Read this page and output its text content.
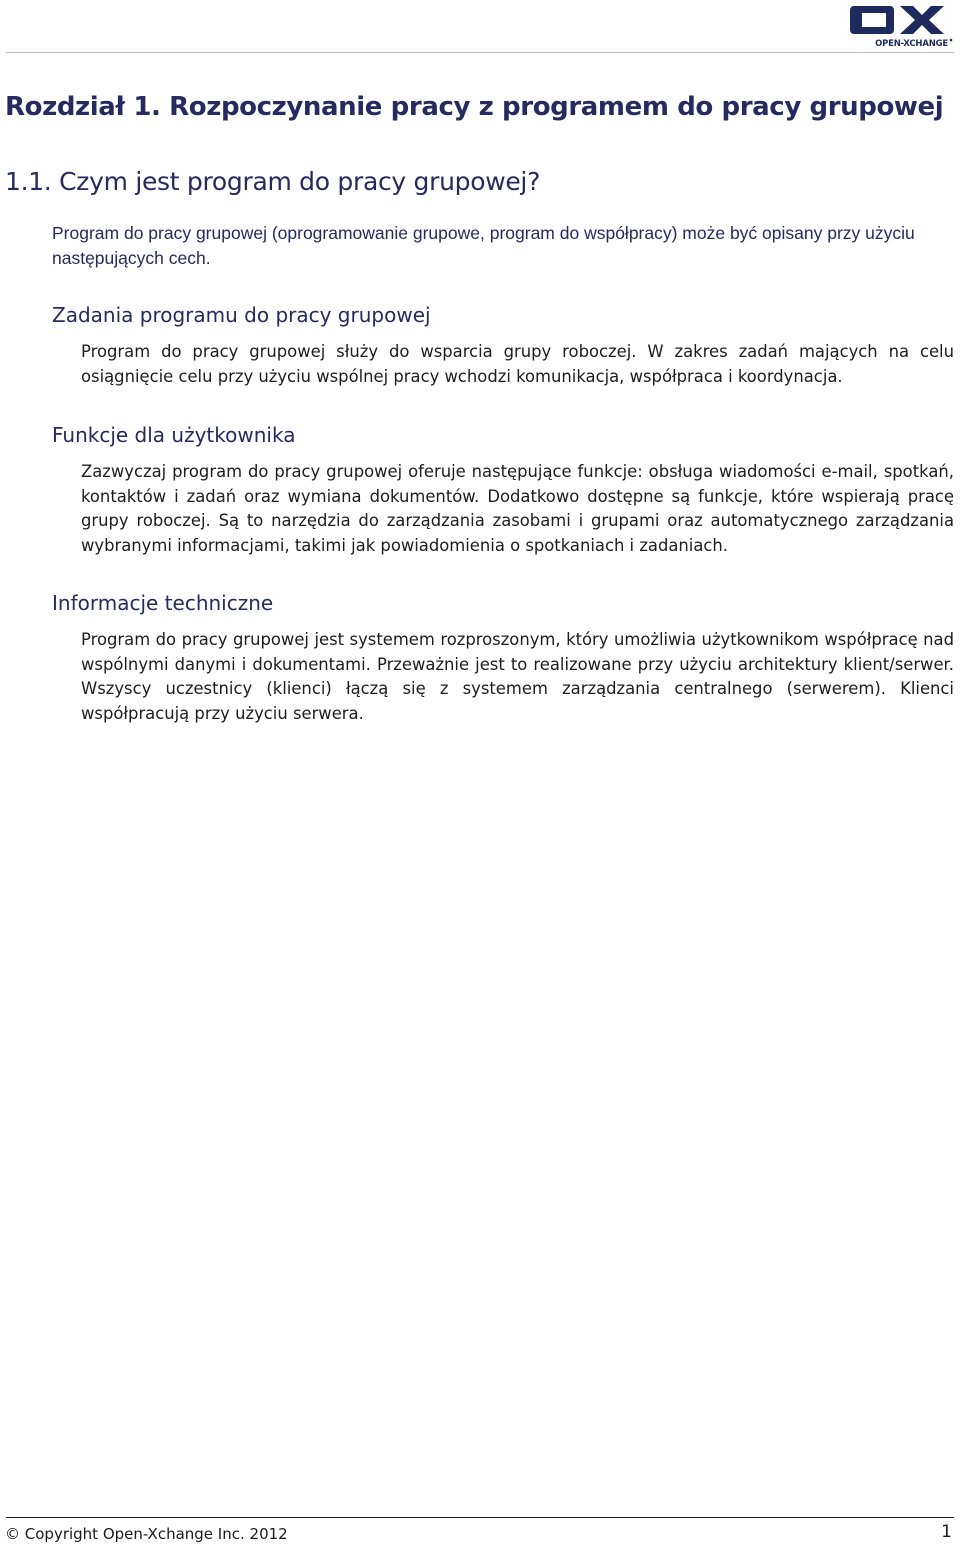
OPEN-XCHANGE
Rozdział 1. Rozpoczynanie pracy z programem do pracy grupowej
1.1. Czym jest program do pracy grupowej?

Program do pracy grupowej (oprogramowanie grupowe, program do współpracy) może być opisany przy użyciu następujących cech.

Zadania programu do pracy grupowej

Program do pracy grupowej służy do wsparcia grupy roboczej. W zakres zadań mających na celu osiągnięcie celu przy użyciu wspólnej pracy wchodzi komunikacja, współpraca i koordynacja.

Funkcje dla użytkownika

Zazwyczaj program do pracy grupowej oferuje następujące funkcje: obsługa wiadomości e-mail, spotkań, kontaktów i zadań oraz wymiana dokumentów. Dodatkowo dostępne są funkcje, które wspierają pracę grupy roboczej. Są to narzędzia do zarządzania zasobami i grupami oraz automatycznego zarządzania wybranymi informacjami, takimi jak powiadomienia o spotkaniach i zadaniach.

Informacje techniczne

Program do pracy grupowej jest systemem rozproszonym, który umożliwia użytkownikom współpracę nad wspólnymi danymi i dokumentami. Przeważnie jest to realizowane przy użyciu architektury klient/serwer. Wszyscy uczestnicy (klienci) łączą się z systemem zarządzania centralnego (serwerem). Klienci współpracują przy użyciu serwera.

© Copyright Open-Xchange Inc. 2012	1
